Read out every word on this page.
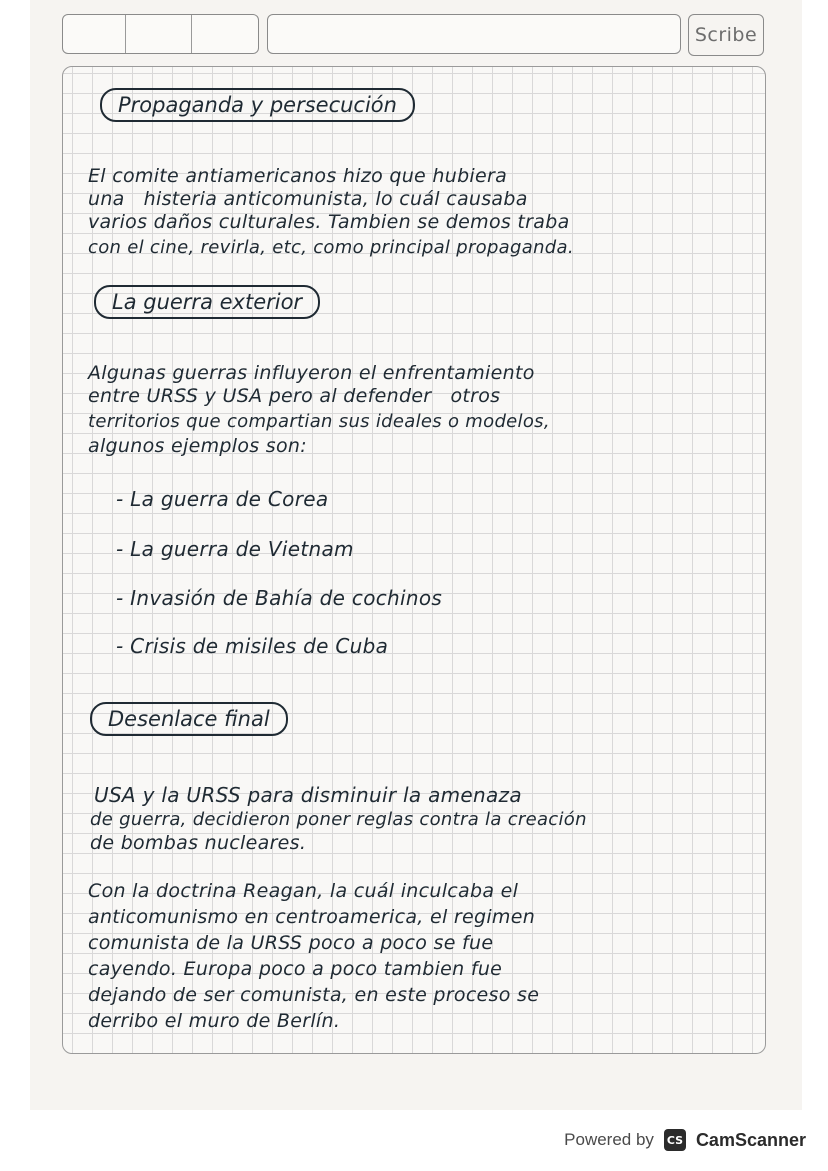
Scribe
Propaganda y persecución

El comite antiamericanos hizo que hubiera

una   histeria anticomunista, lo cuál causaba

varios daños culturales. Tambien se demos traba

con el cine, revirla, etc, como principal propaganda.

La guerra exterior

Algunas guerras influyeron el enfrentamiento

entre URSS y USA pero al defender   otros

territorios que compartian sus ideales o modelos,

algunos ejemplos son:

- La guerra de Corea

- La guerra de Vietnam

- Invasión de Bahía de cochinos

- Crisis de misiles de Cuba

Desenlace final

USA y la URSS para disminuir la amenaza

de guerra, decidieron poner reglas contra la creación

de bombas nucleares.

Con la doctrina Reagan, la cuál inculcaba el

anticomunismo en centroamerica, el regimen

comunista de la URSS poco a poco se fue

cayendo. Europa poco a poco tambien fue

dejando de ser comunista, en este proceso se

derribo el muro de Berlín.

Powered by CS CamScanner
